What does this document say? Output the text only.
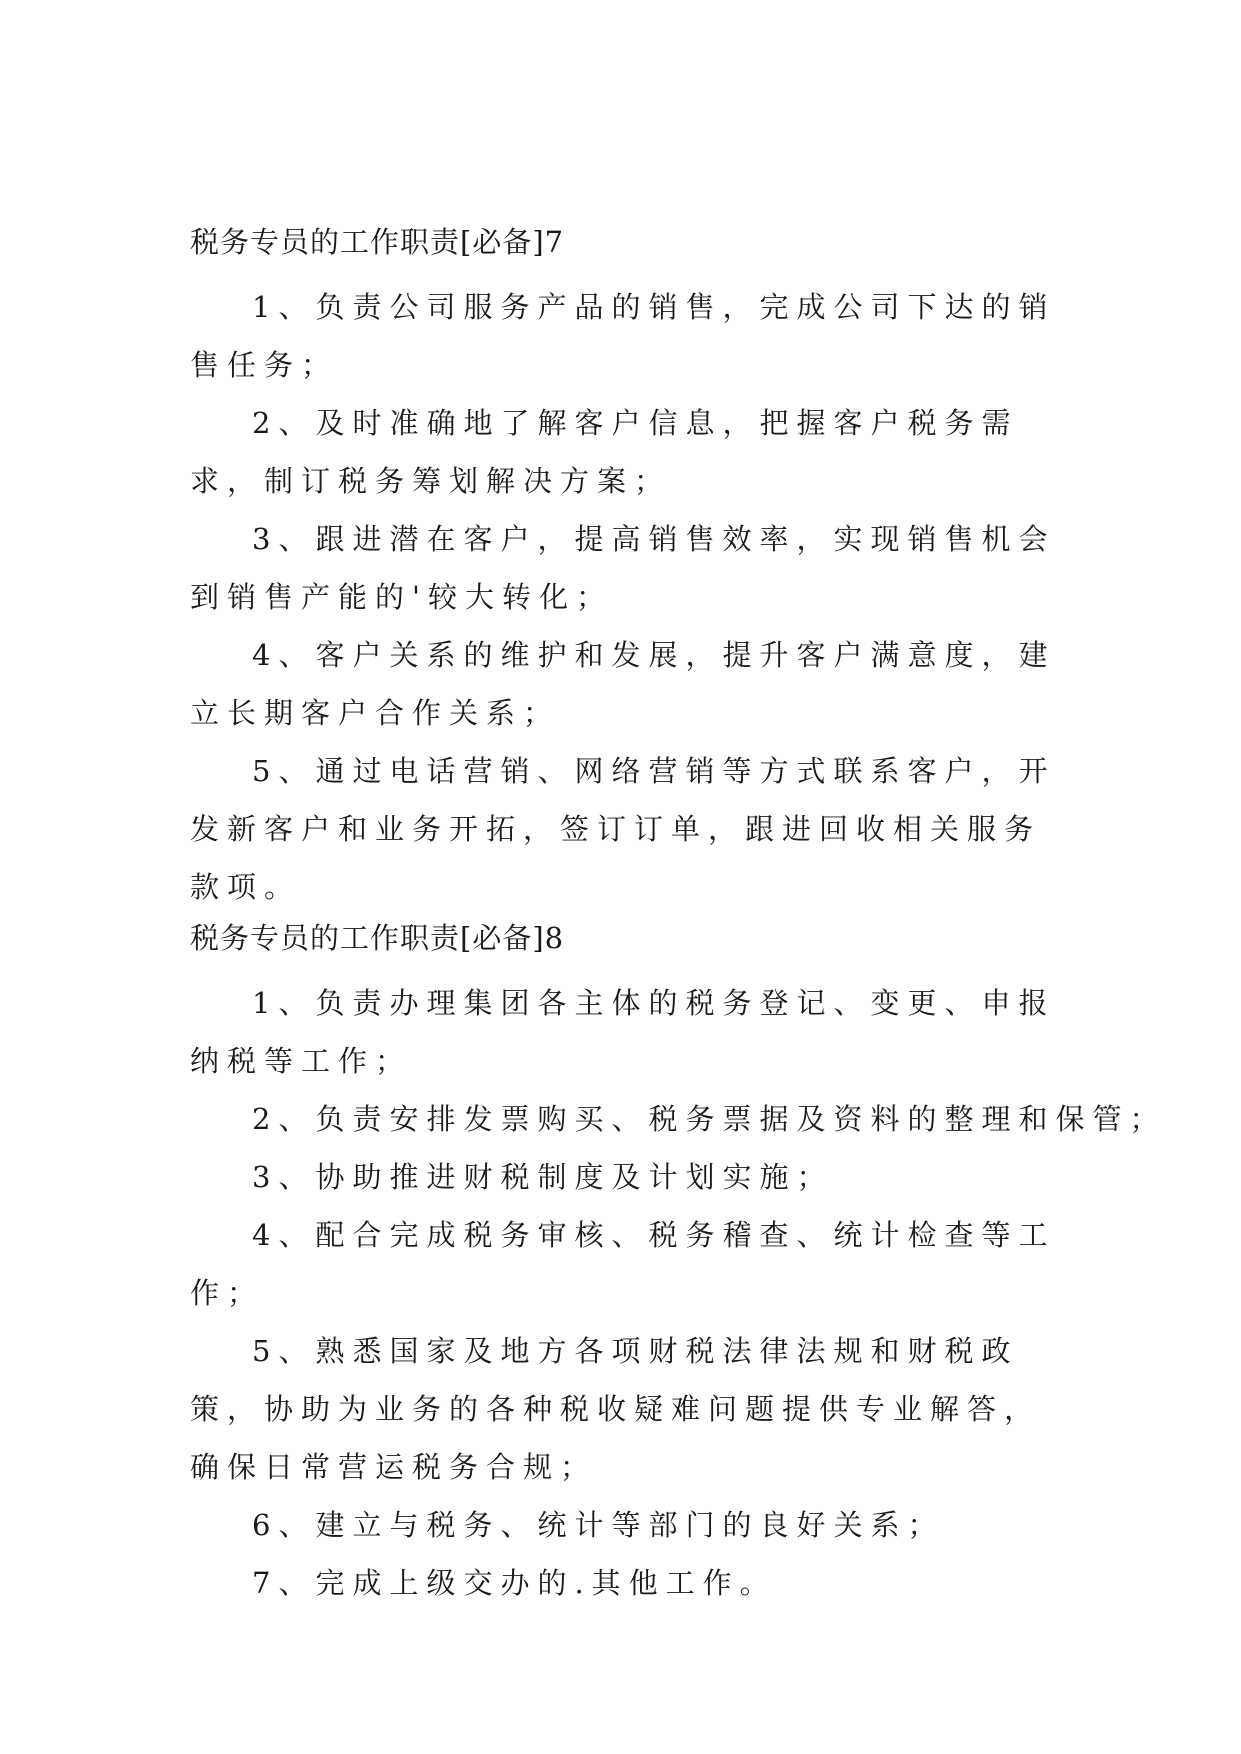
税务专员的工作职责[必备]7

1、负责公司服务产品的销售，完成公司下达的销售任务；

2、及时准确地了解客户信息，把握客户税务需求，制订税务筹划解决方案；

3、跟进潜在客户，提高销售效率，实现销售机会到销售产能的'较大转化；

4、客户关系的维护和发展，提升客户满意度，建立长期客户合作关系；

5、通过电话营销、网络营销等方式联系客户，开发新客户和业务开拓，签订订单，跟进回收相关服务款项。

税务专员的工作职责[必备]8

1、负责办理集团各主体的税务登记、变更、申报纳税等工作；

2、负责安排发票购买、税务票据及资料的整理和保管；

3、协助推进财税制度及计划实施；

4、配合完成税务审核、税务稽查、统计检查等工作；

5、熟悉国家及地方各项财税法律法规和财税政策，协助为业务的各种税收疑难问题提供专业解答，确保日常营运税务合规；

6、建立与税务、统计等部门的良好关系；

7、完成上级交办的.其他工作。
